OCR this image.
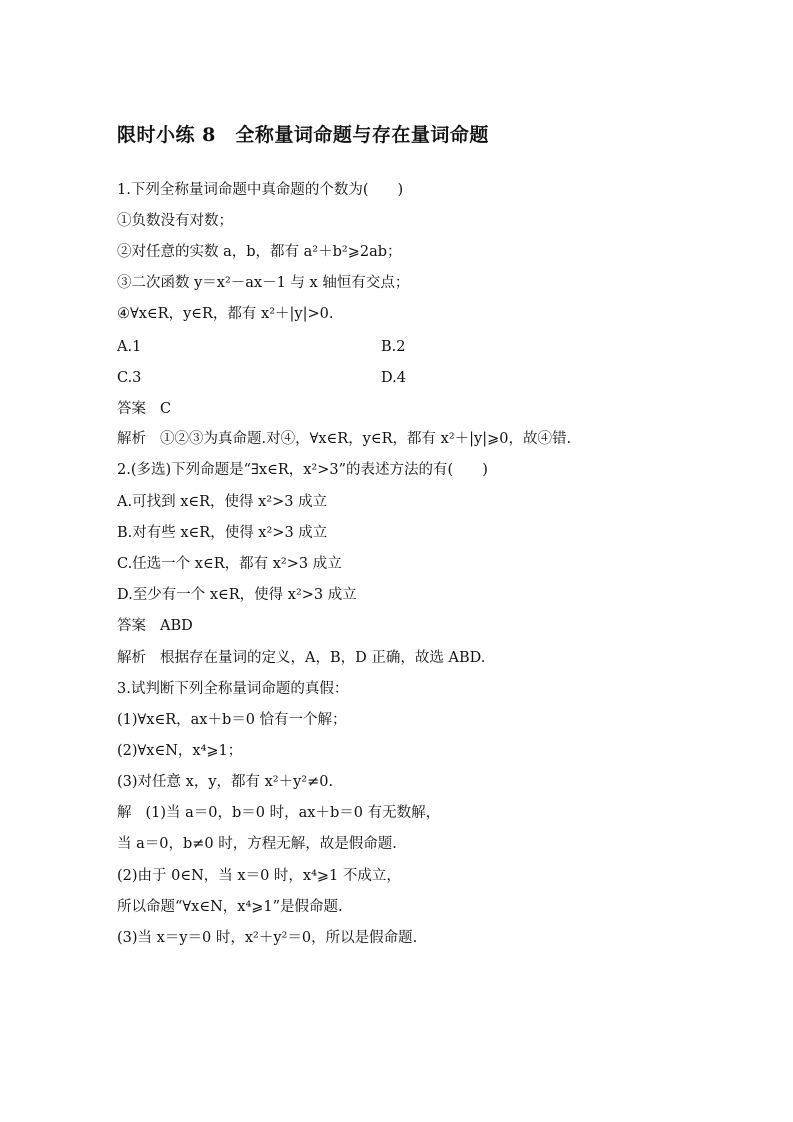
限时小练 8　全称量词命题与存在量词命题
1.下列全称量词命题中真命题的个数为(　　)
①负数没有对数；
②对任意的实数 a，b，都有 a²＋b²⩾2ab；
③二次函数 y＝x²－ax－1 与 x 轴恒有交点；
④∀x∈R，y∈R，都有 x²＋|y|>0.
A.1	B.2
C.3	D.4
答案 C
解析 ①②③为真命题.对④，∀x∈R，y∈R，都有 x²＋|y|⩾0，故④错.
2.(多选)下列命题是“∃x∈R，x²>3”的表述方法的有(　　)
A.可找到 x∈R，使得 x²>3 成立
B.对有些 x∈R，使得 x²>3 成立
C.任选一个 x∈R，都有 x²>3 成立
D.至少有一个 x∈R，使得 x²>3 成立
答案 ABD
解析 根据存在量词的定义，A，B，D 正确，故选 ABD.
3.试判断下列全称量词命题的真假：
(1)∀x∈R，ax＋b＝0 恰有一个解；
(2)∀x∈N，x⁴⩾1；
(3)对任意 x，y，都有 x²＋y²≠0.
解 (1)当 a＝0，b＝0 时，ax＋b＝0 有无数解，
当 a＝0，b≠0 时，方程无解，故是假命题.
(2)由于 0∈N，当 x＝0 时，x⁴⩾1 不成立，
所以命题“∀x∈N，x⁴⩾1”是假命题.
(3)当 x＝y＝0 时，x²＋y²＝0，所以是假命题.
